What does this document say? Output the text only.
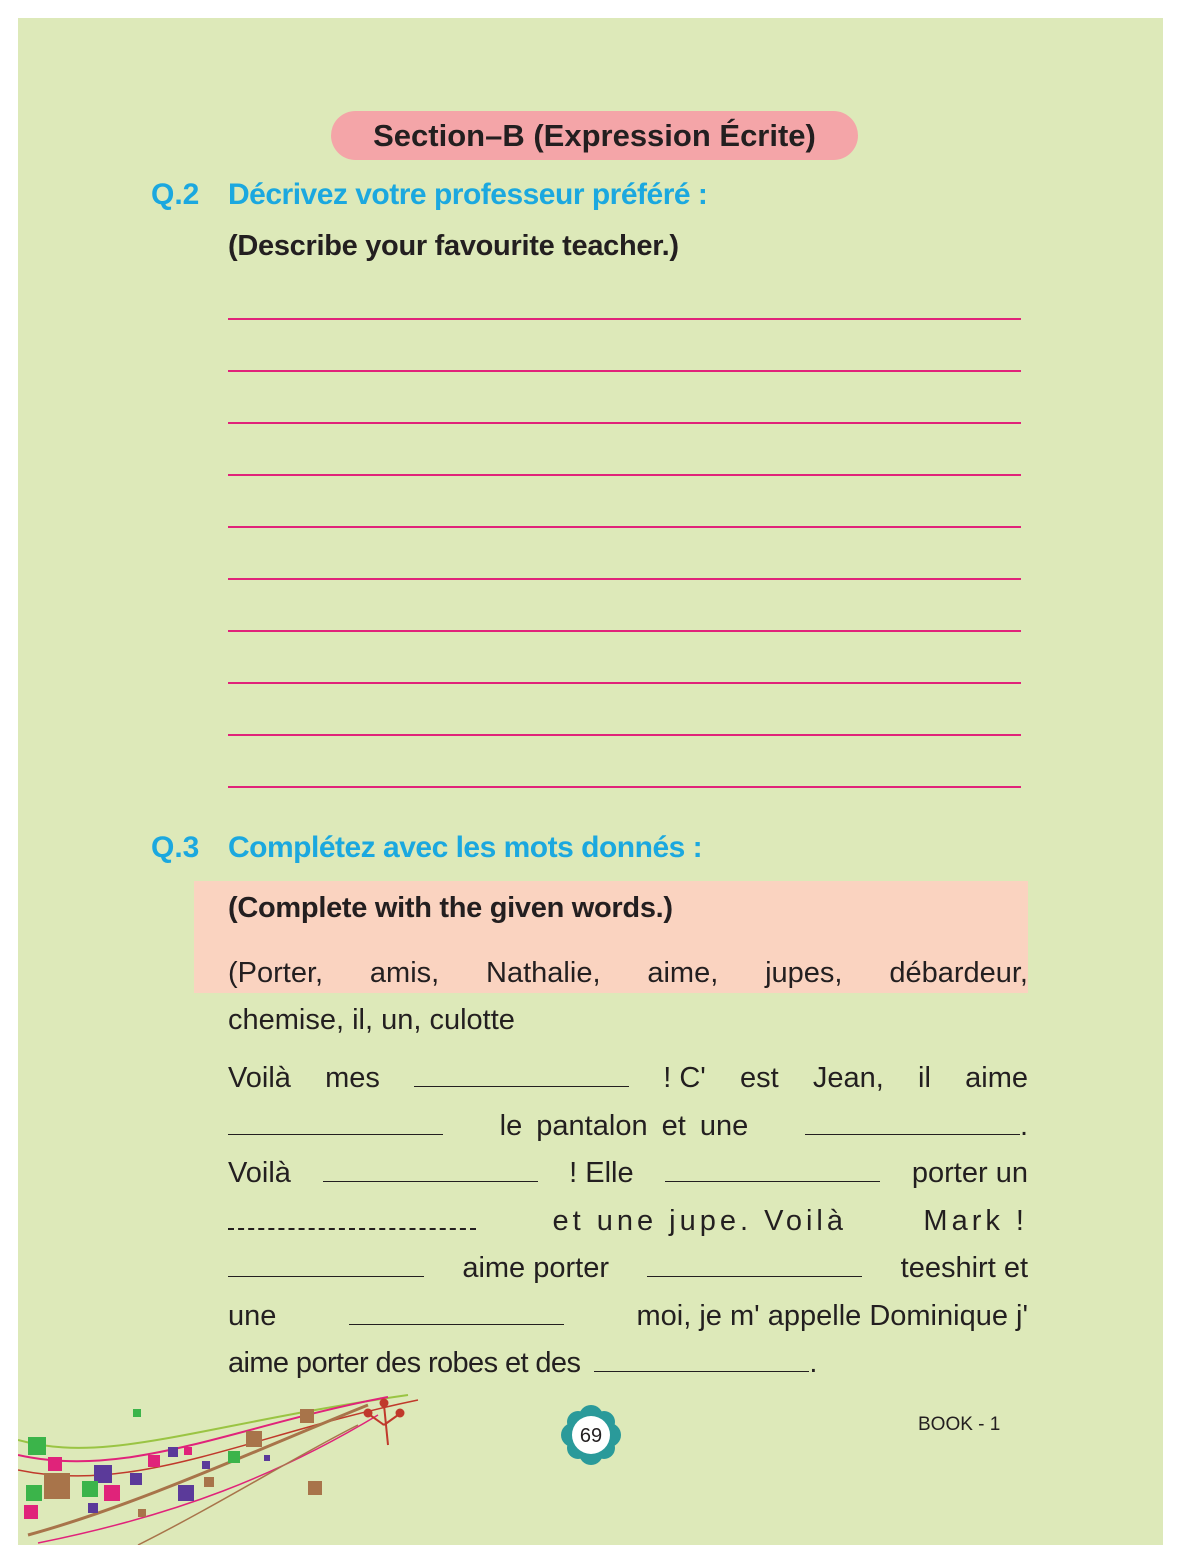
Section–B (Expression Écrite)
Q.2 Décrivez votre professeur préféré :
(Describe your favourite teacher.)
Q.3 Complétez avec les mots donnés :
(Complete with the given words.)
(Porter, amis, Nathalie, aime, jupes, débardeur,
chemise, il, un, culotte
Voilà mes	! C' est Jean, il aime
le pantalon et une	.
Voilà	! Elle	porter un
et une jupe. Voilà	Mark !
aime porter	teeshirt et
une	moi, je m' appelle Dominique j'
aime porter des robes et des	.
69
BOOK - 1
